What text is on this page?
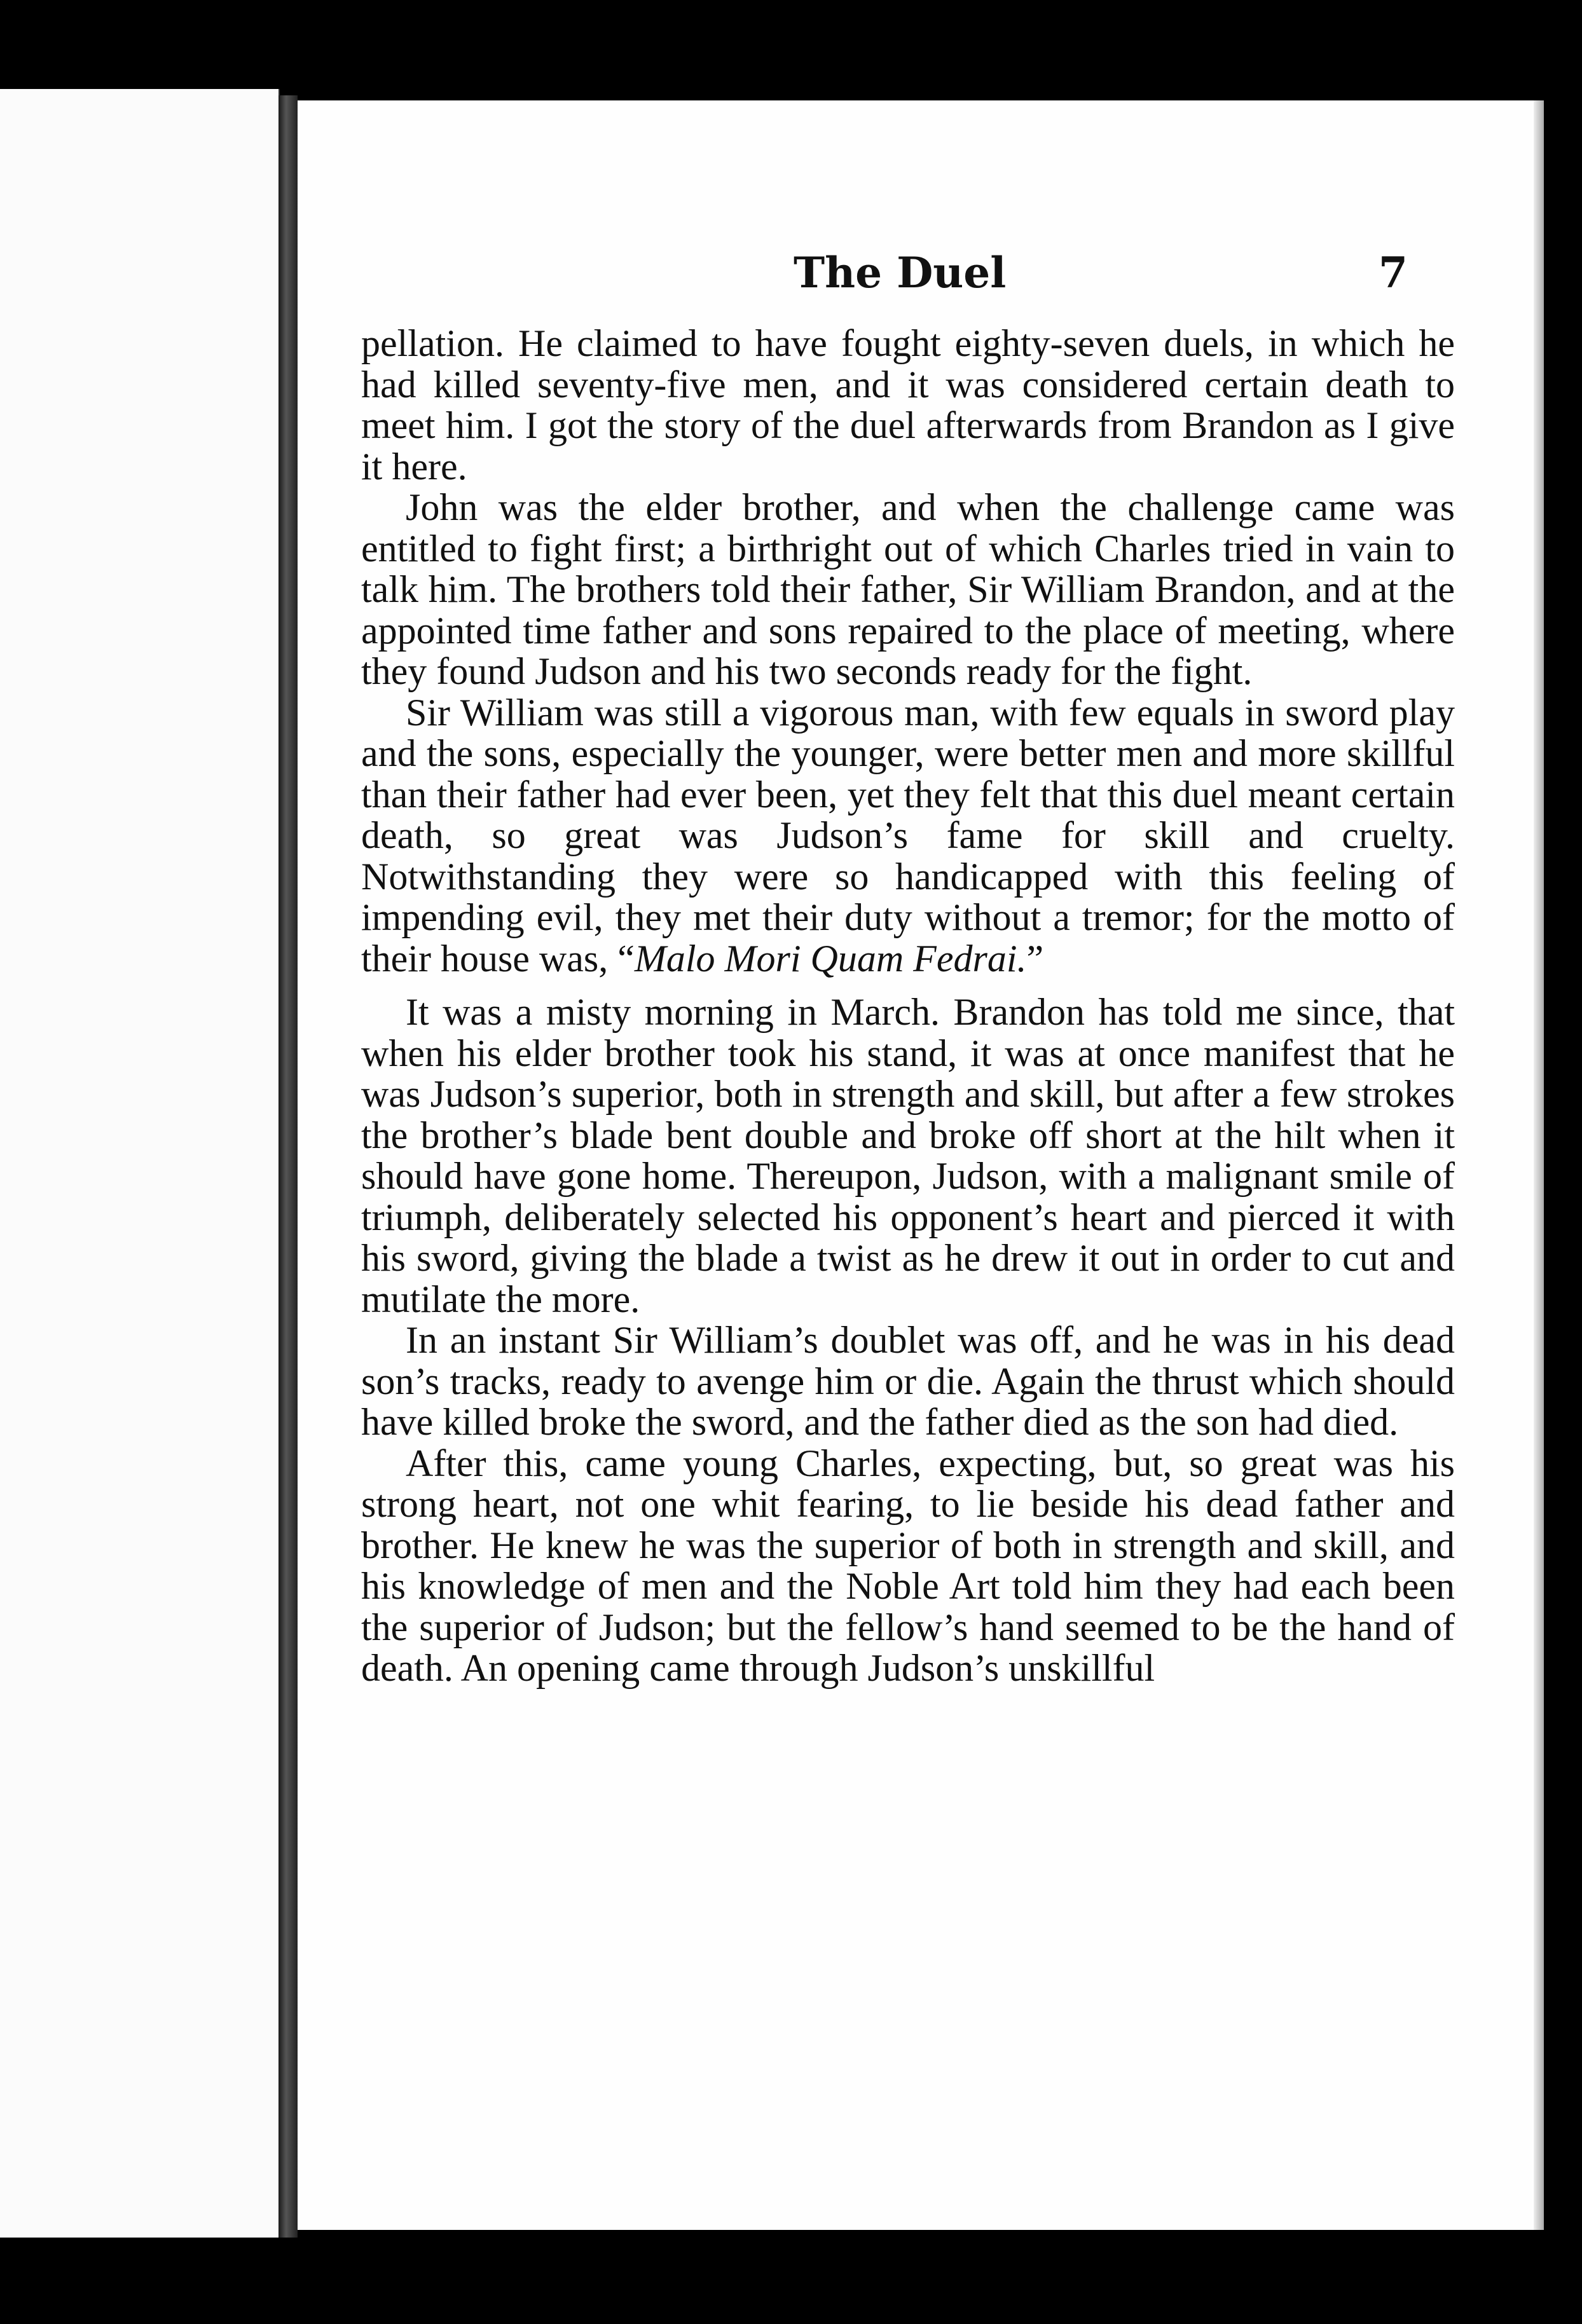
The Duel	7

pellation. He claimed to have fought eighty-seven duels, in which he had killed seventy-five men, and it was considered certain death to meet him. I got the story of the duel afterwards from Brandon as I give it here.

John was the elder brother, and when the challenge came was entitled to fight first; a birthright out of which Charles tried in vain to talk him. The brothers told their father, Sir William Brandon, and at the appointed time father and sons repaired to the place of meeting, where they found Judson and his two seconds ready for the fight.

Sir William was still a vigorous man, with few equals in sword play and the sons, especially the younger, were better men and more skillful than their father had ever been, yet they felt that this duel meant certain death, so great was Judson’s fame for skill and cruelty. Notwithstanding they were so handicapped with this feeling of impending evil, they met their duty without a tremor; for the motto of their house was, “Malo Mori Quam Fedrai.”

It was a misty morning in March. Brandon has told me since, that when his elder brother took his stand, it was at once manifest that he was Judson’s superior, both in strength and skill, but after a few strokes the brother’s blade bent double and broke off short at the hilt when it should have gone home. Thereupon, Judson, with a malignant smile of triumph, deliberately selected his opponent’s heart and pierced it with his sword, giving the blade a twist as he drew it out in order to cut and mutilate the more.

In an instant Sir William’s doublet was off, and he was in his dead son’s tracks, ready to avenge him or die. Again the thrust which should have killed broke the sword, and the father died as the son had died.

After this, came young Charles, expecting, but, so great was his strong heart, not one whit fearing, to lie beside his dead father and brother. He knew he was the superior of both in strength and skill, and his knowledge of men and the Noble Art told him they had each been the superior of Judson; but the fellow’s hand seemed to be the hand of death. An opening came through Judson’s unskillful
